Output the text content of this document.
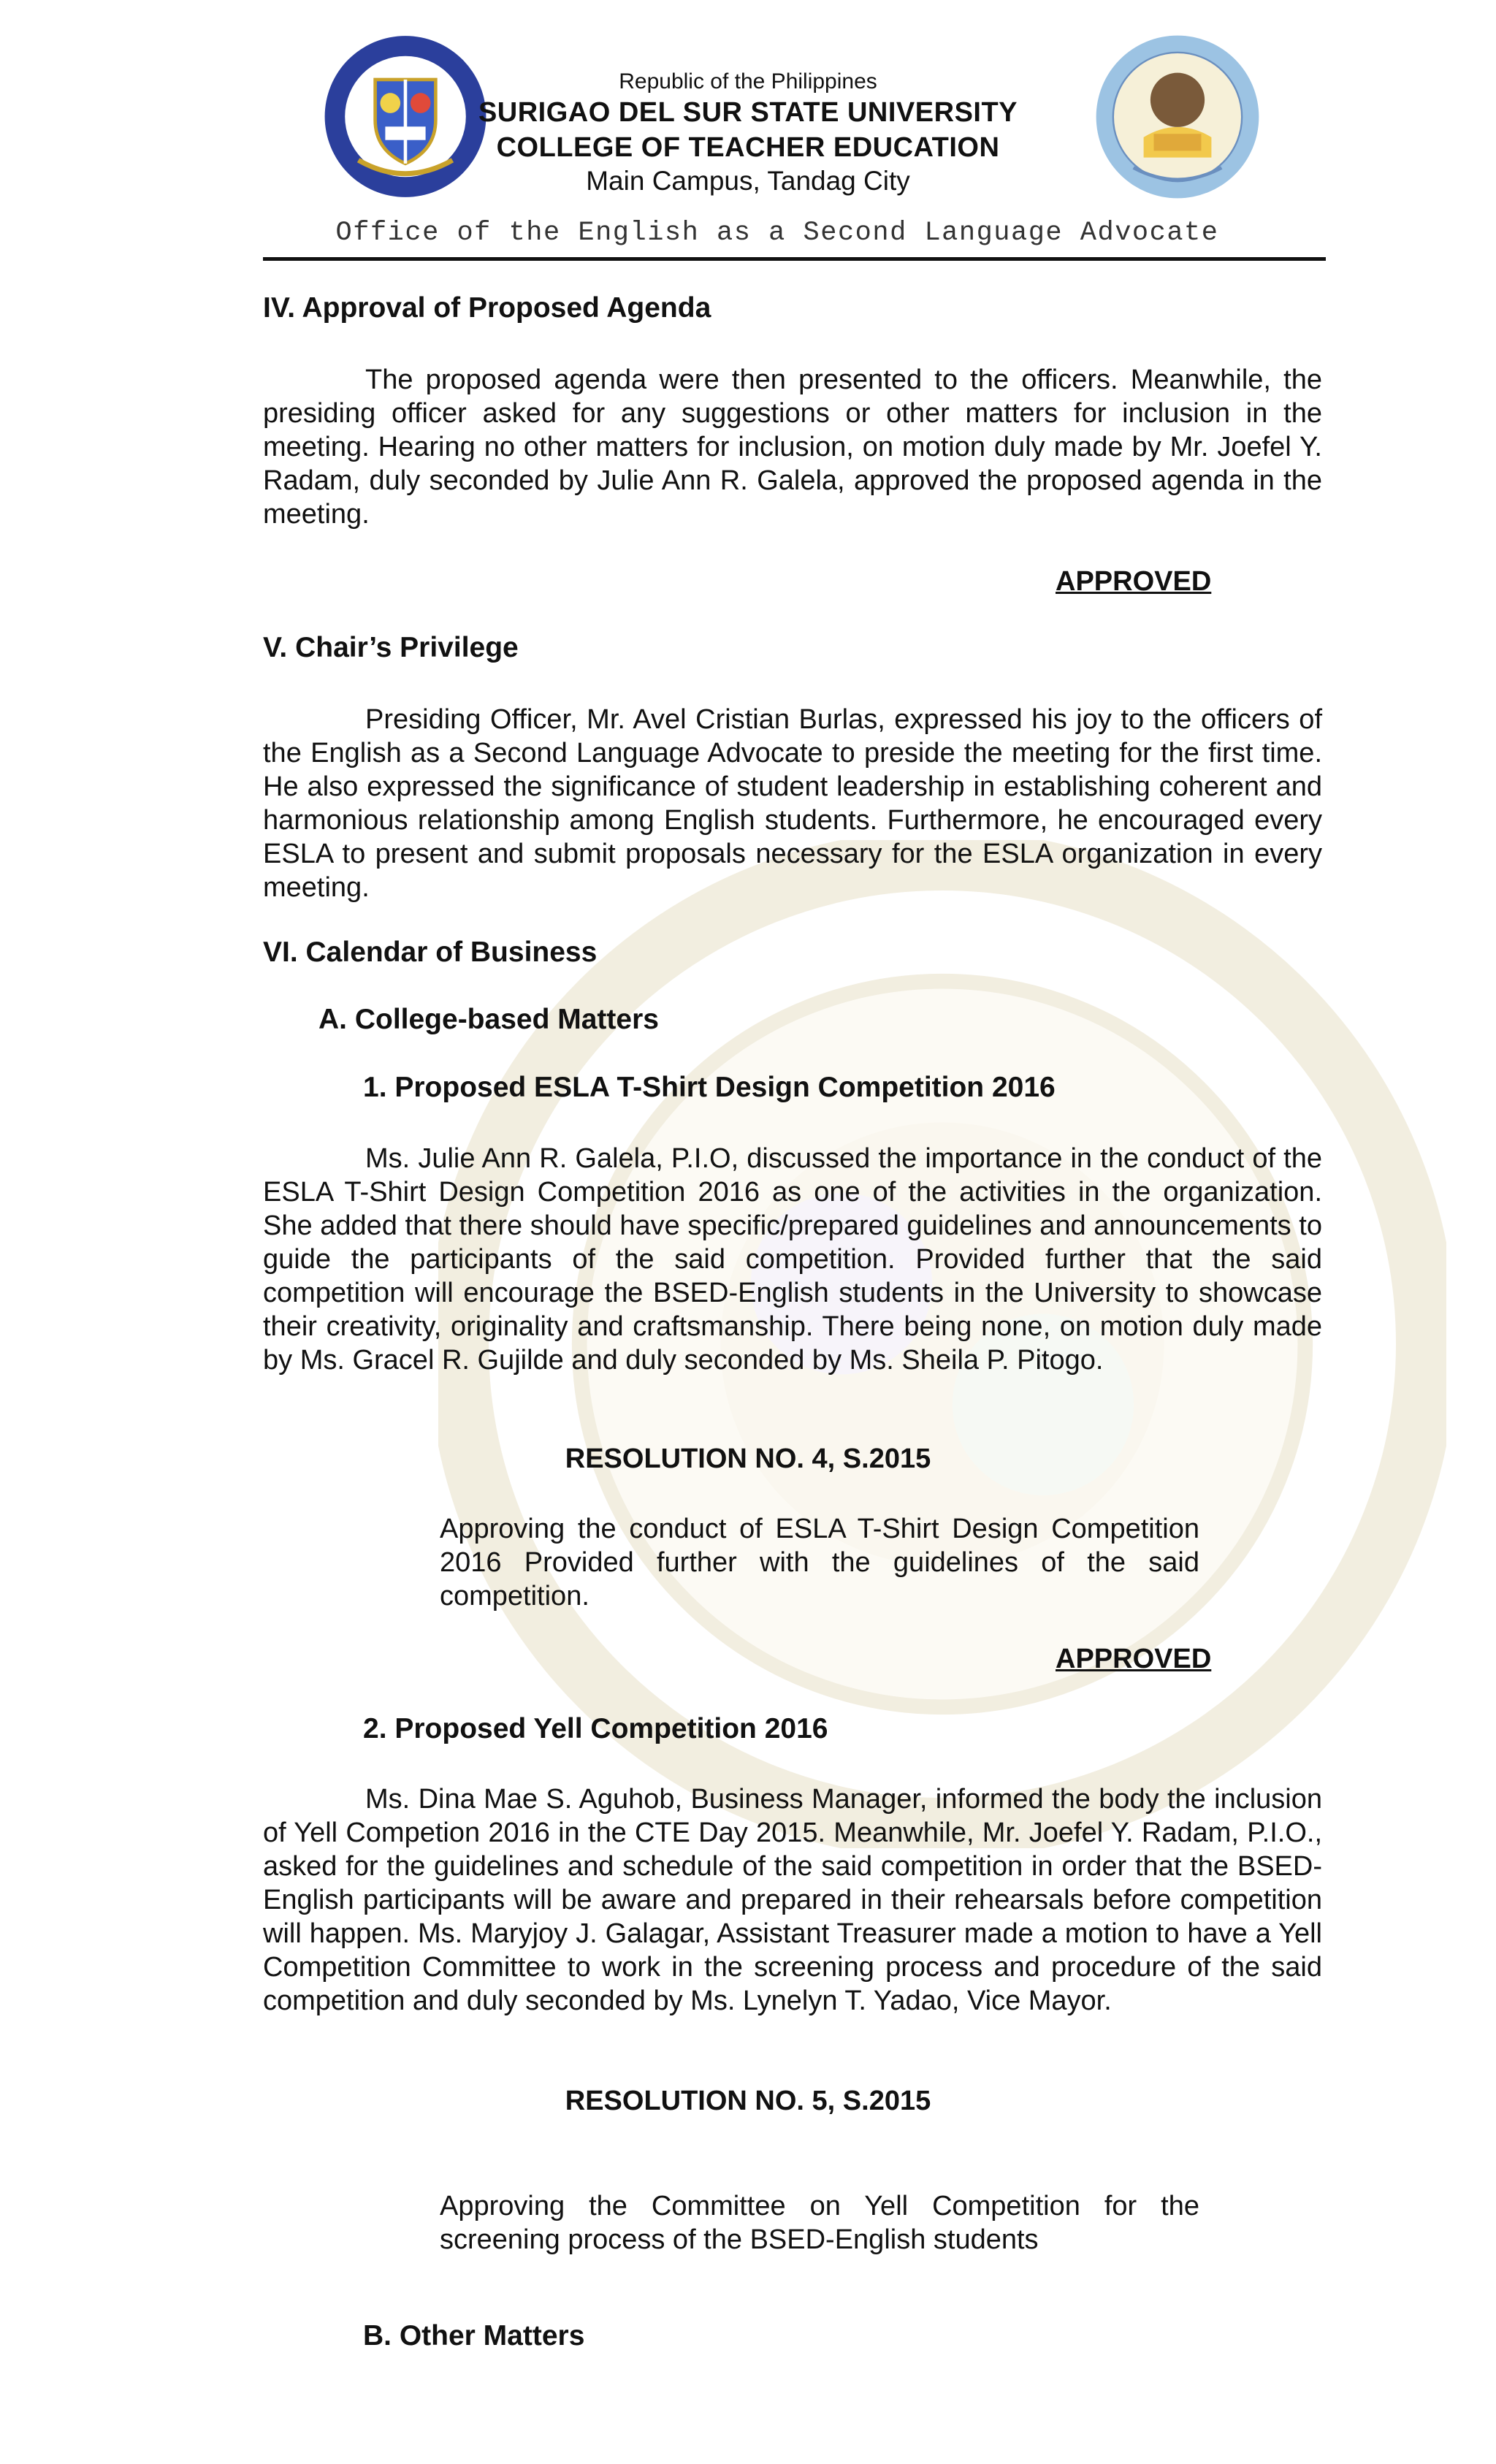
Republic of the Philippines
SURIGAO DEL SUR STATE UNIVERSITY
COLLEGE OF TEACHER EDUCATION
Main Campus, Tandag City
Office of the English as a Second Language Advocate
IV. Approval of Proposed Agenda

The proposed agenda were then presented to the officers. Meanwhile, the presiding officer asked for any suggestions or other matters for inclusion in the meeting. Hearing no other matters for inclusion, on motion duly made by Mr. Joefel Y. Radam, duly seconded by Julie Ann R. Galela, approved the proposed agenda in the meeting.

APPROVED
V. Chair’s Privilege

Presiding Officer, Mr. Avel Cristian Burlas, expressed his joy to the officers of the English as a Second Language Advocate to preside the meeting for the first time. He also expressed the significance of student leadership in establishing coherent and harmonious relationship among English students. Furthermore, he encouraged every ESLA to present and submit proposals necessary for the ESLA organization in every meeting.

VI. Calendar of Business
A. College-based Matters
1. Proposed ESLA T-Shirt Design Competition 2016

Ms. Julie Ann R. Galela, P.I.O, discussed the importance in the conduct of the ESLA T-Shirt Design Competition 2016 as one of the activities in the organization. She added that there should have specific/prepared guidelines and announcements to guide the participants of the said competition. Provided further that the said competition will encourage the BSED-English students in the University to showcase their creativity, originality and craftsmanship. There being none, on motion duly made by Ms. Gracel R. Gujilde and duly seconded by Ms. Sheila P. Pitogo.

RESOLUTION NO. 4, S.2015

Approving the conduct of ESLA T-Shirt Design Competition 2016 Provided further with the guidelines of the said competition.

APPROVED
2. Proposed Yell Competition 2016

Ms. Dina Mae S. Aguhob, Business Manager, informed the body the inclusion of Yell Competion 2016 in the CTE Day 2015. Meanwhile, Mr. Joefel Y. Radam, P.I.O., asked for the guidelines and schedule of the said competition in order that the BSED-English participants will be aware and prepared in their rehearsals before competition will happen. Ms. Maryjoy J. Galagar, Assistant Treasurer made a motion to have a Yell Competition Committee to work in the screening process and procedure of the said competition and duly seconded by Ms. Lynelyn T. Yadao, Vice Mayor.

RESOLUTION NO. 5, S.2015

Approving the Committee on Yell Competition for the screening process of the BSED-English students

B. Other Matters
